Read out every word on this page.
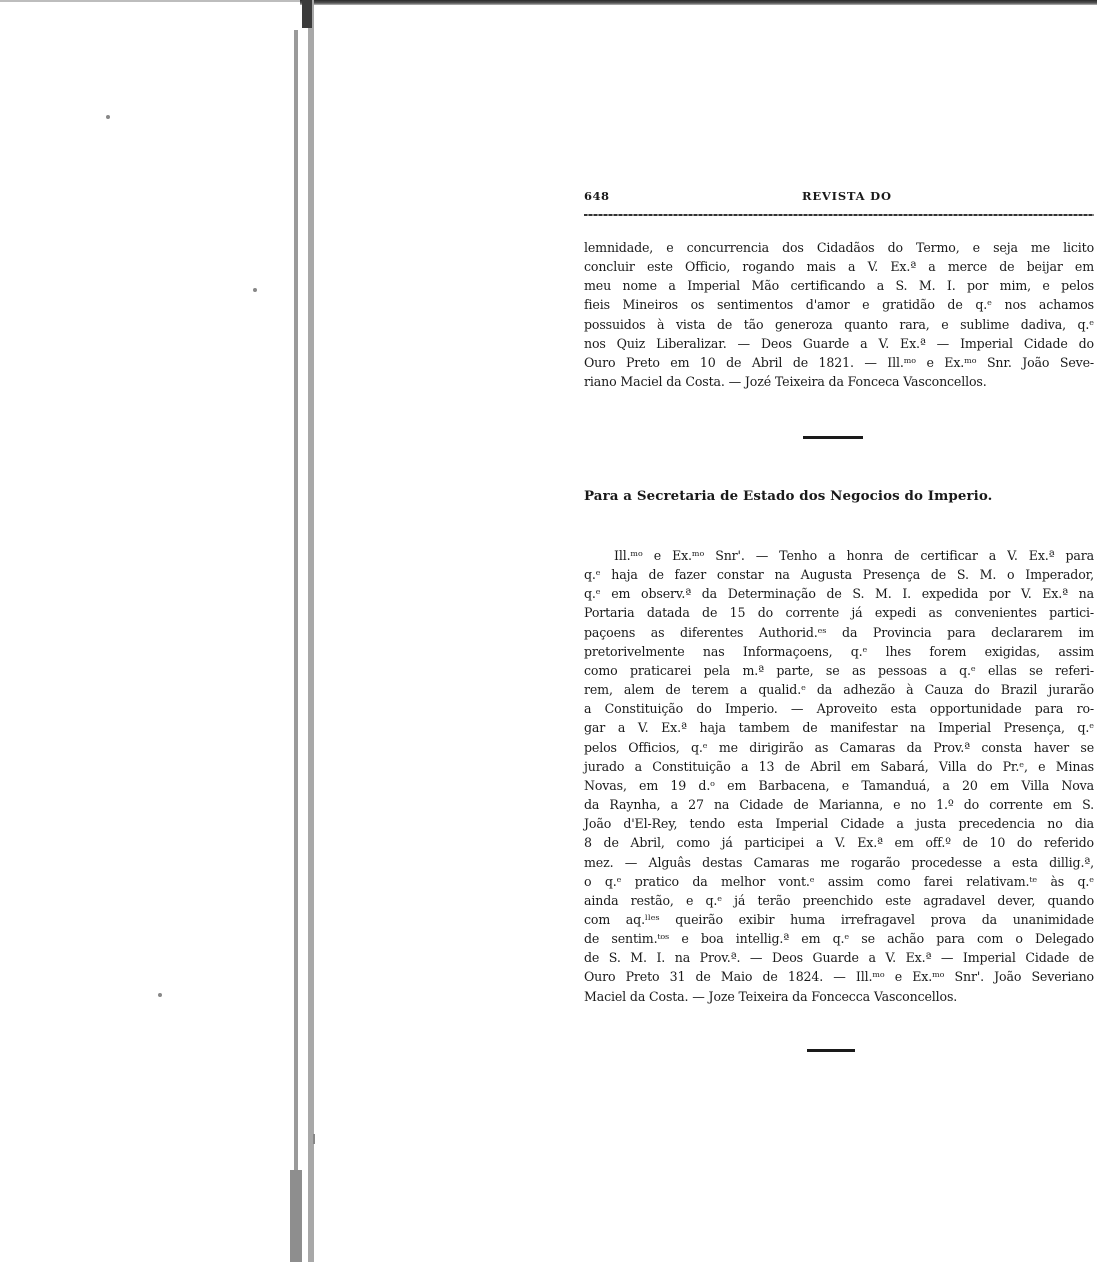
648	REVISTA DO
lemnidade, e concurrencia dos Cidadãos do Termo, e seja me licito
concluir este Officio, rogando mais a V. Ex.ª a merce de beijar em
meu nome a Imperial Mão certificando a S. M. I. por mim, e pelos
fieis Mineiros os sentimentos d'amor e gratidão de q.ᵉ nos achamos
possuidos à vista de tão generoza quanto rara, e sublime dadiva, q.ᵉ
nos Quiz Liberalizar. — Deos Guarde a V. Ex.ª — Imperial Cidade do
Ouro Preto em 10 de Abril de 1821. — Ill.ᵐᵒ e Ex.ᵐᵒ Snr. João Seve-
riano Maciel da Costa. — Jozé Teixeira da Fonceca Vasconcellos.
Para a Secretaria de Estado dos Negocios do Imperio.
Ill.ᵐᵒ e Ex.ᵐᵒ Snr'. — Tenho a honra de certificar a V. Ex.ª para
q.ᵉ haja de fazer constar na Augusta Presença de S. M. o Imperador,
q.ᵉ em observ.ª da Determinação de S. M. I. expedida por V. Ex.ª na
Portaria datada de 15 do corrente já expedi as convenientes partici-
paçoens as diferentes Authorid.ᵉˢ da Provincia para declararem im
pretorivelmente nas Informaçoens, q.ᵉ lhes forem exigidas, assim
como praticarei pela m.ª parte, se as pessoas a q.ᵉ ellas se referi-
rem, alem de terem a qualid.ᵉ da adhezão à Cauza do Brazil jurarão
a Constituição do Imperio. — Aproveito esta opportunidade para ro-
gar a V. Ex.ª haja tambem de manifestar na Imperial Presença, q.ᵉ
pelos Officios, q.ᵉ me dirigirão as Camaras da Prov.ª consta haver se
jurado a Constituição a 13 de Abril em Sabará, Villa do Pr.ᵉ, e Minas
Novas, em 19 d.ᵒ em Barbacena, e Tamanduá, a 20 em Villa Nova
da Raynha, a 27 na Cidade de Marianna, e no 1.º do corrente em S.
João d'El-Rey, tendo esta Imperial Cidade a justa precedencia no dia
8 de Abril, como já participei a V. Ex.ª em off.º de 10 do referido
mez. — Alguâs destas Camaras me rogarão procedesse a esta dillig.ª,
o q.ᵉ pratico da melhor vont.ᵉ assim como farei relativam.ᵗᵉ às q.ᵉ
ainda restão, e q.ᵉ já terão preenchido este agradavel dever, quando
com aq.ˡˡᵉˢ queirão exibir huma irrefragavel prova da unanimidade
de sentim.ᵗᵒˢ e boa intellig.ª em q.ᵉ se achão para com o Delegado
de S. M. I. na Prov.ª. — Deos Guarde a V. Ex.ª — Imperial Cidade de
Ouro Preto 31 de Maio de 1824. — Ill.ᵐᵒ e Ex.ᵐᵒ Snr'. João Severiano
Maciel da Costa. — Joze Teixeira da Foncecca Vasconcellos.
